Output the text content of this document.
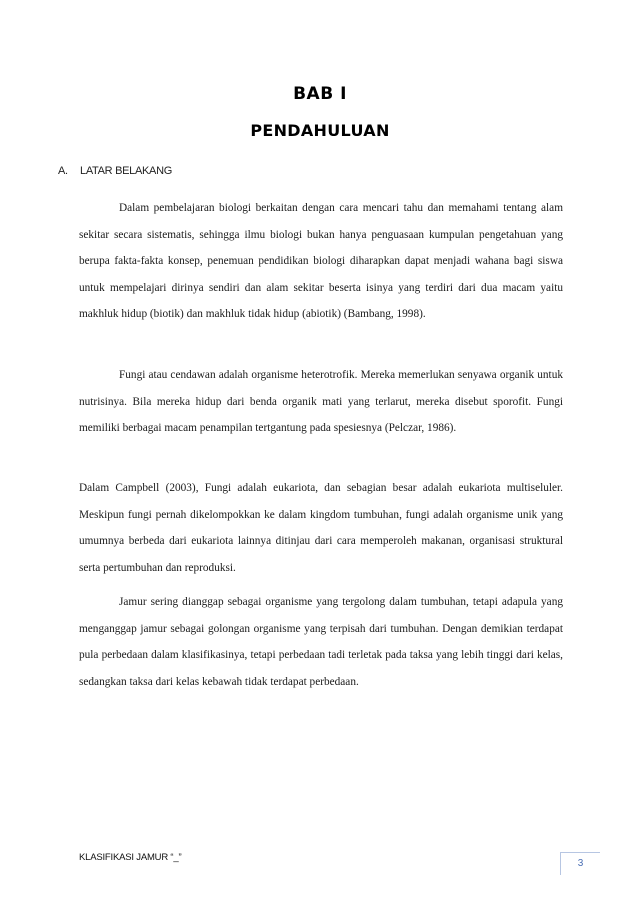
BAB I
PENDAHULUAN
A. LATAR BELAKANG

Dalam pembelajaran biologi berkaitan dengan cara mencari tahu dan memahami tentang alam sekitar secara sistematis, sehingga ilmu biologi bukan hanya penguasaan kumpulan pengetahuan yang berupa fakta-fakta konsep, penemuan pendidikan biologi diharapkan dapat menjadi wahana bagi siswa untuk mempelajari dirinya sendiri dan alam sekitar beserta isinya yang terdiri dari dua macam yaitu makhluk hidup (biotik) dan makhluk tidak hidup (abiotik) (Bambang, 1998).

Fungi atau cendawan adalah organisme heterotrofik. Mereka memerlukan senyawa organik untuk nutrisinya. Bila mereka hidup dari benda organik mati yang terlarut, mereka disebut sporofit. Fungi memiliki berbagai macam penampilan tertgantung pada spesiesnya (Pelczar, 1986).

Dalam Campbell (2003), Fungi adalah eukariota, dan sebagian besar adalah eukariota multiseluler. Meskipun fungi pernah dikelompokkan ke dalam kingdom tumbuhan, fungi adalah organisme unik yang umumnya berbeda dari eukariota lainnya ditinjau dari cara memperoleh makanan, organisasi struktural serta pertumbuhan dan reproduksi.

Jamur sering dianggap sebagai organisme yang tergolong dalam tumbuhan, tetapi adapula yang menganggap jamur sebagai golongan organisme yang terpisah dari tumbuhan. Dengan demikian terdapat pula perbedaan dalam klasifikasinya, tetapi perbedaan tadi terletak pada taksa yang lebih tinggi dari kelas, sedangkan taksa dari kelas kebawah tidak terdapat perbedaan.

KLASIFIKASI JAMUR “_”
3
